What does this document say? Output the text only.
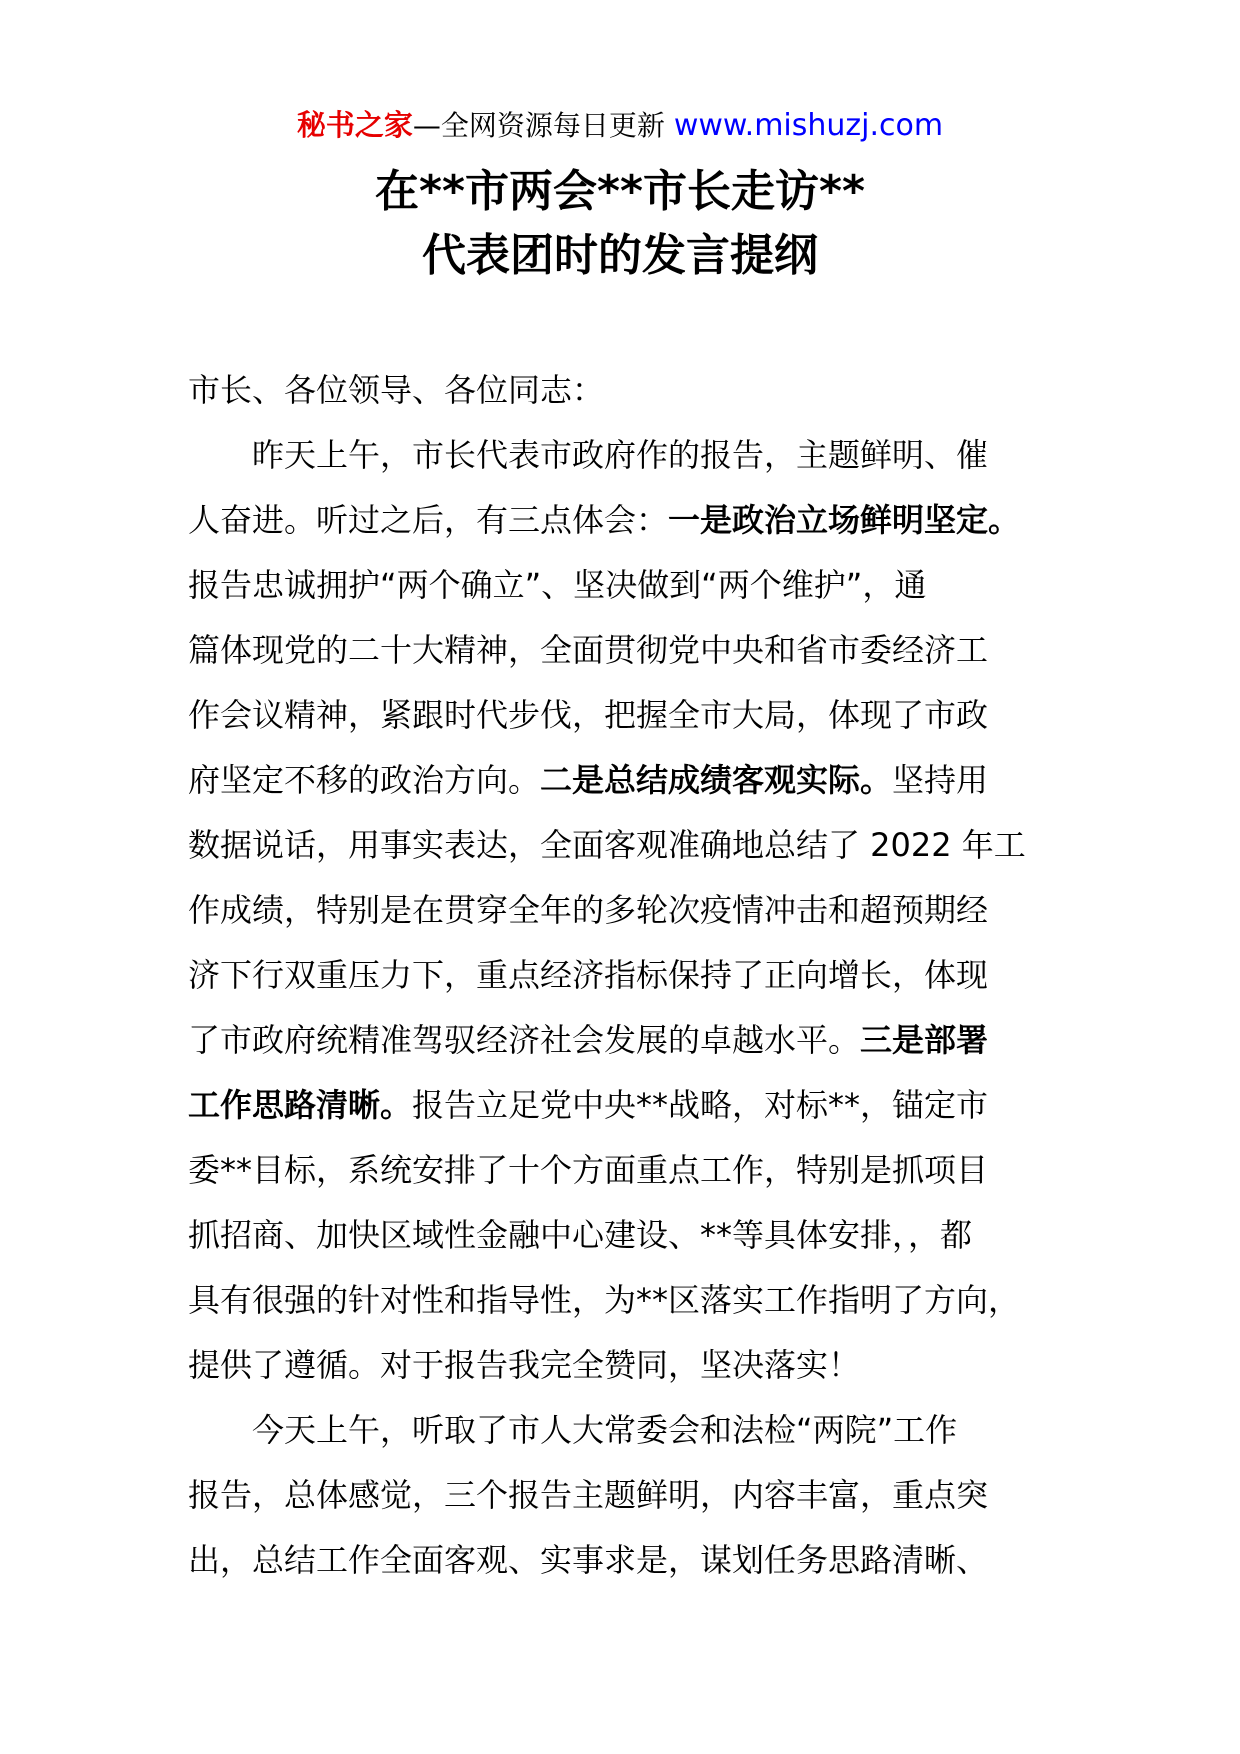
秘书之家—全网资源每日更新 www.mishuzj.com
在**市两会**市长走访**
代表团时的发言提纲
市长、各位领导、各位同志：
　　昨天上午，市长代表市政府作的报告，主题鲜明、催
人奋进。听过之后，有三点体会：一是政治立场鲜明坚定。
报告忠诚拥护“两个确立”、坚决做到“两个维护”，通
篇体现党的二十大精神，全面贯彻党中央和省市委经济工
作会议精神，紧跟时代步伐，把握全市大局，体现了市政
府坚定不移的政治方向。二是总结成绩客观实际。坚持用
数据说话，用事实表达，全面客观准确地总结了 2022 年工
作成绩，特别是在贯穿全年的多轮次疫情冲击和超预期经
济下行双重压力下，重点经济指标保持了正向增长，体现
了市政府统精准驾驭经济社会发展的卓越水平。三是部署
工作思路清晰。报告立足党中央**战略，对标**，锚定市
委**目标，系统安排了十个方面重点工作，特别是抓项目
抓招商、加快区域性金融中心建设、**等具体安排，，都
具有很强的针对性和指导性，为**区落实工作指明了方向，
提供了遵循。对于报告我完全赞同，坚决落实！
　　今天上午，听取了市人大常委会和法检“两院”工作
报告，总体感觉，三个报告主题鲜明，内容丰富，重点突
出，总结工作全面客观、实事求是，谋划任务思路清晰、
